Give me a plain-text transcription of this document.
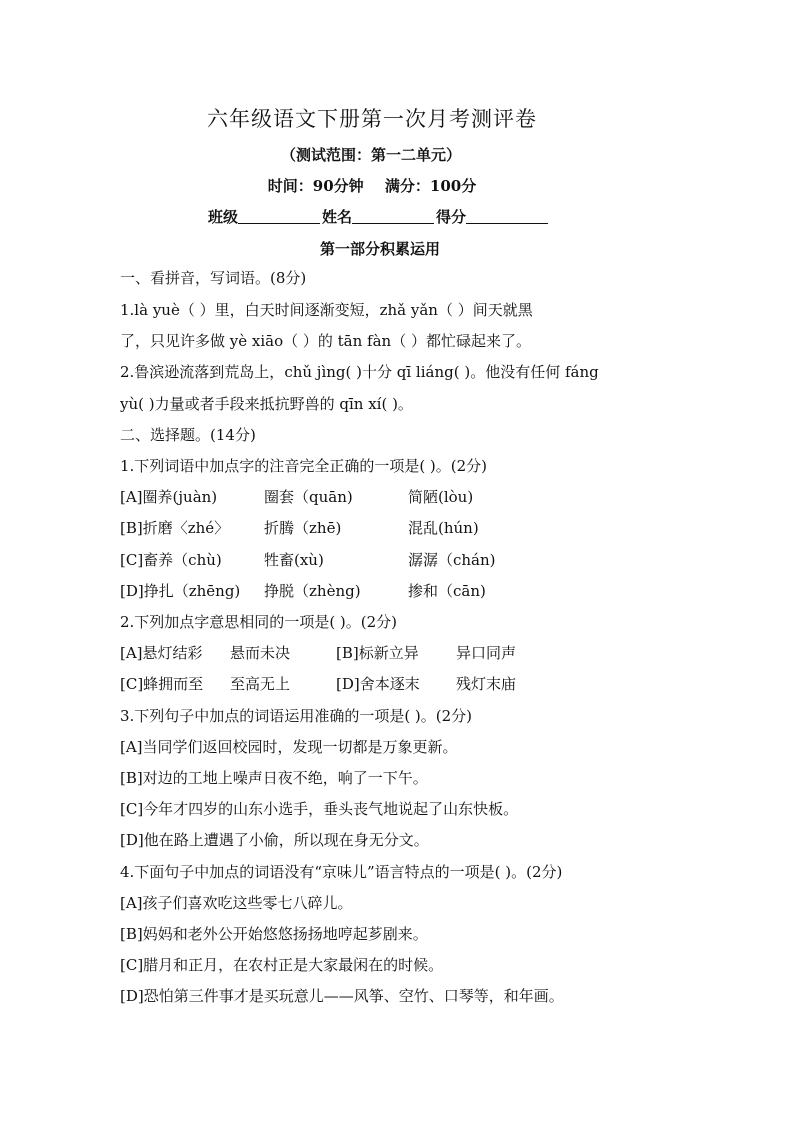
六年级语文下册第一次月考测评卷
（测试范围：第一二单元）
时间：90分钟 满分：100分
班级	姓名	得分
第一部分积累运用
一、看拼音，写词语。(8分)
1.là yuè（ ）里，白天时间逐渐变短，zhǎ yǎn（ ）间天就黑
了，只见许多做 yè xiāo（ ）的 tān fàn（ ）都忙碌起来了。
2.鲁滨逊流落到荒岛上，chǔ jìng( )十分 qī liáng( )。他没有任何 fáng
yù( )力量或者手段来抵抗野兽的 qīn xí( )。
二、选择题。(14分)
1.下列词语中加点字的注音完全正确的一项是( )。(2分)
[A]圈养(juàn)	圈套（quān)	简陋(lòu)
[B]折磨〈zhé〉 折腾（zhē)	混乱(hún)
[C]畜养（chù)	牲畜(xù)	潺潺（chán)
[D]挣扎（zhēng) 挣脱（zhèng)	掺和（cān)
2.下列加点字意思相同的一项是( )。(2分)
[A]悬灯结彩 悬而未决	[B]标新立异 异口同声
[C]蜂拥而至 至高无上	[D]舍本逐末 残灯末庙
3.下列句子中加点的词语运用准确的一项是( )。(2分)
[A]当同学们返回校园时，发现一切都是万象更新。
[B]对边的工地上噪声日夜不绝，响了一下午。
[C]今年才四岁的山东小选手，垂头丧气地说起了山东快板。
[D]他在路上遭遇了小偷，所以现在身无分文。
4.下面句子中加点的词语没有“京味儿”语言特点的一项是( )。(2分)
[A]孩子们喜欢吃这些零七八碎儿。
[B]妈妈和老外公开始悠悠扬扬地哼起芗剧来。
[C]腊月和正月，在农村正是大家最闲在的时候。
[D]恐怕第三件事才是买玩意儿——风筝、空竹、口琴等，和年画。
